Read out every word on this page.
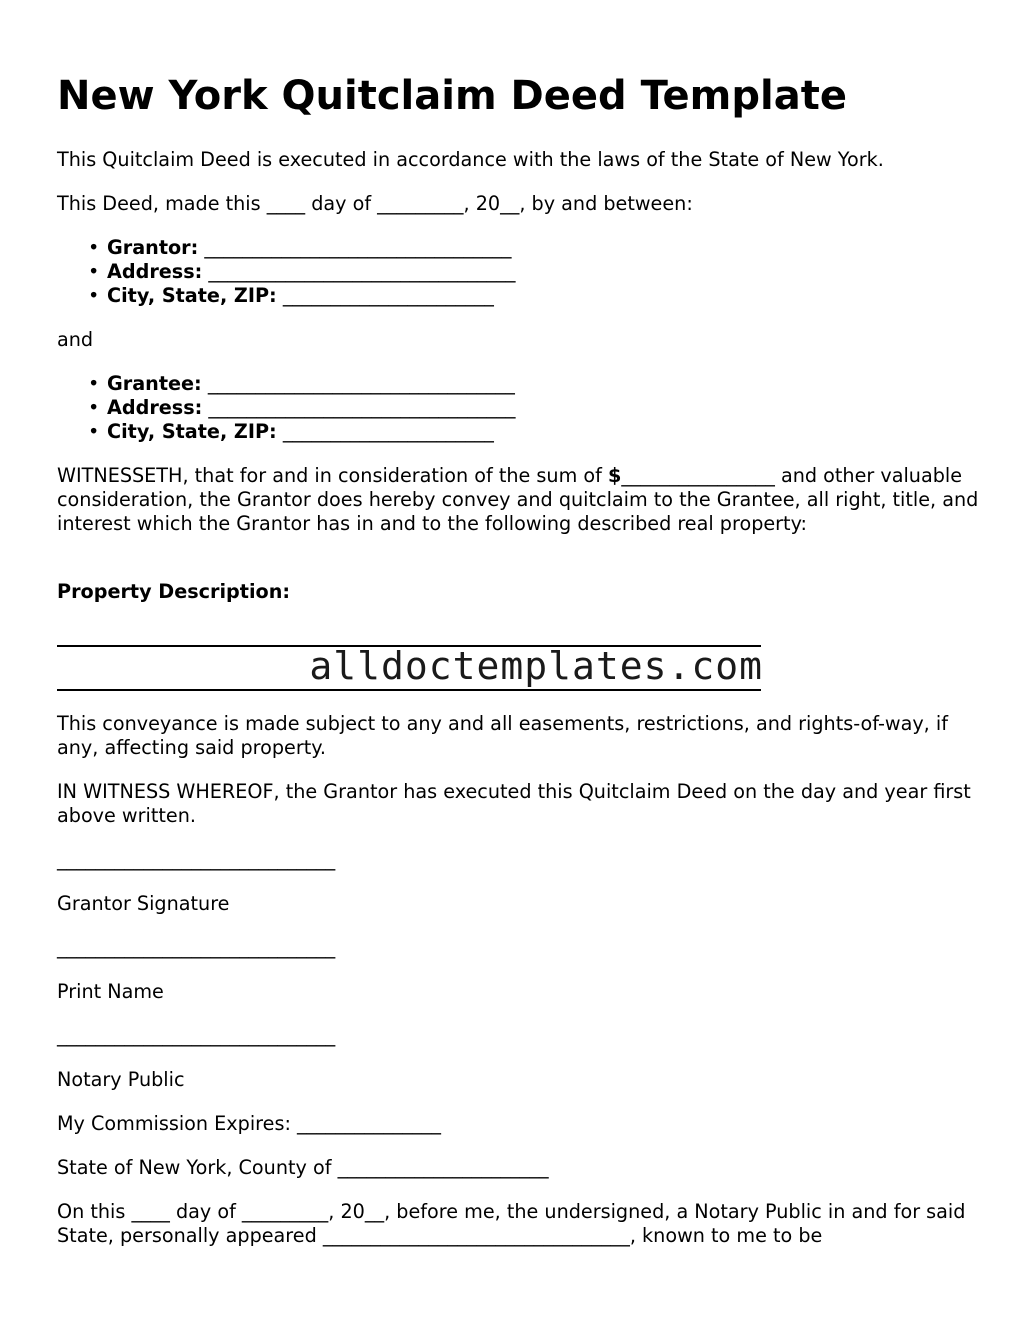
New York Quitclaim Deed Template

This Quitclaim Deed is executed in accordance with the laws of the State of New York.

This Deed, made this ____ day of _________, 20__, by and between:

• Grantor: ________________________________
• Address: ________________________________
• City, State, ZIP: ______________________

and

• Grantee: ________________________________
• Address: ________________________________
• City, State, ZIP: ______________________

WITNESSETH, that for and in consideration of the sum of $________________ and other valuable consideration, the Grantor does hereby convey and quitclaim to the Grantee, all right, title, and interest which the Grantor has in and to the following described real property:

Property Description:

alldoctemplates.com

This conveyance is made subject to any and all easements, restrictions, and rights-of-way, if any, affecting said property.

IN WITNESS WHEREOF, the Grantor has executed this Quitclaim Deed on the day and year first above written.

_____________________________

Grantor Signature

_____________________________

Print Name

_____________________________

Notary Public

My Commission Expires: _______________

State of New York, County of ______________________

On this ____ day of _________, 20__, before me, the undersigned, a Notary Public in and for said State, personally appeared ________________________________, known to me to be
